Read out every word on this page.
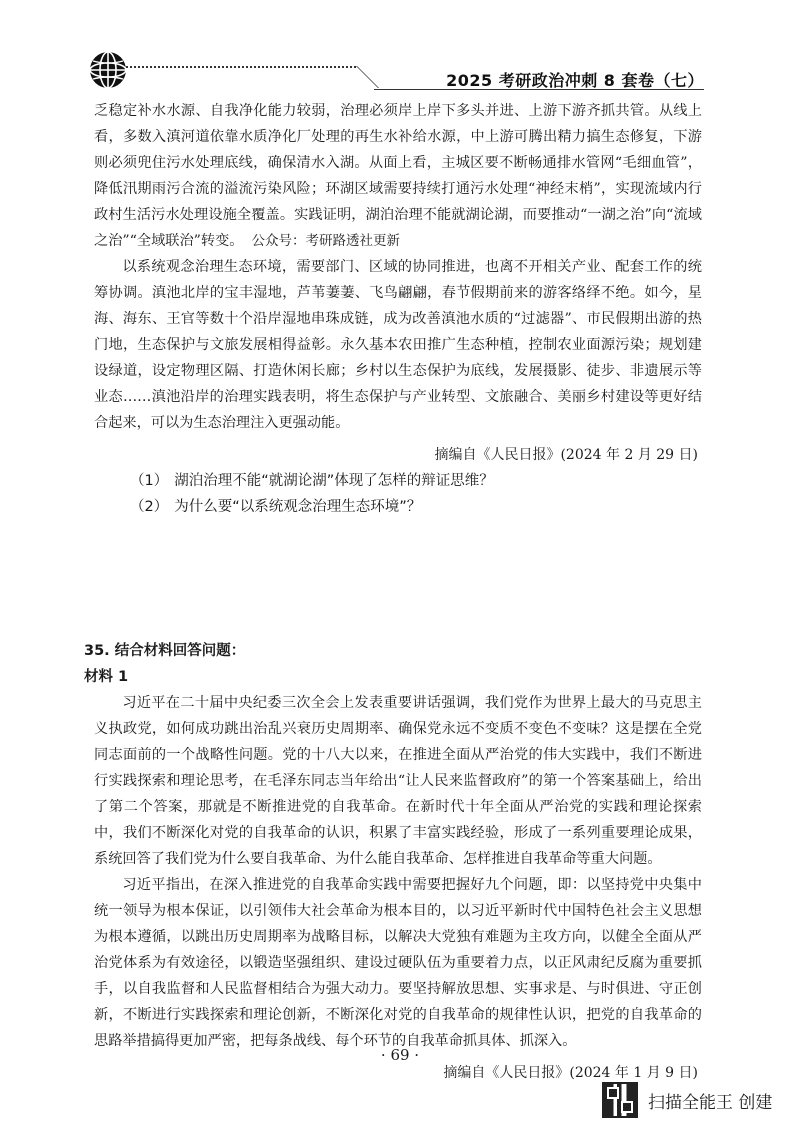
2025 考研政治冲刺 8 套卷（七）

乏稳定补水水源、自我净化能力较弱，治理必须岸上岸下多头并进、上游下游齐抓共管。从线上看，多数入滇河道依靠水质净化厂处理的再生水补给水源，中上游可腾出精力搞生态修复，下游则必须兜住污水处理底线，确保清水入湖。从面上看，主城区要不断畅通排水管网“毛细血管”，降低汛期雨污合流的溢流污染风险；环湖区域需要持续打通污水处理“神经末梢”，实现流域内行政村生活污水处理设施全覆盖。实践证明，湖泊治理不能就湖论湖，而要推动“一湖之治”向“流域之治”“全域联治”转变。 公众号：考研路透社更新

以系统观念治理生态环境，需要部门、区域的协同推进，也离不开相关产业、配套工作的统筹协调。滇池北岸的宝丰湿地，芦苇萋萋、飞鸟翩翩，春节假期前来的游客络绎不绝。如今，星海、海东、王官等数十个沿岸湿地串珠成链，成为改善滇池水质的“过滤器”、市民假期出游的热门地，生态保护与文旅发展相得益彰。永久基本农田推广生态种植，控制农业面源污染；规划建设绿道，设定物理区隔、打造休闲长廊；乡村以生态保护为底线，发展摄影、徒步、非遗展示等业态……滇池沿岸的治理实践表明，将生态保护与产业转型、文旅融合、美丽乡村建设等更好结合起来，可以为生态治理注入更强动能。

摘编自《人民日报》(2024 年 2 月 29 日)

（1） 湖泊治理不能“就湖论湖”体现了怎样的辩证思维？

（2） 为什么要“以系统观念治理生态环境”？

35. 结合材料回答问题：

材料 1

习近平在二十届中央纪委三次全会上发表重要讲话强调，我们党作为世界上最大的马克思主义执政党，如何成功跳出治乱兴衰历史周期率、确保党永远不变质不变色不变味？这是摆在全党同志面前的一个战略性问题。党的十八大以来，在推进全面从严治党的伟大实践中，我们不断进行实践探索和理论思考，在毛泽东同志当年给出“让人民来监督政府”的第一个答案基础上，给出了第二个答案，那就是不断推进党的自我革命。在新时代十年全面从严治党的实践和理论探索中，我们不断深化对党的自我革命的认识，积累了丰富实践经验，形成了一系列重要理论成果，系统回答了我们党为什么要自我革命、为什么能自我革命、怎样推进自我革命等重大问题。

习近平指出，在深入推进党的自我革命实践中需要把握好九个问题，即：以坚持党中央集中统一领导为根本保证，以引领伟大社会革命为根本目的，以习近平新时代中国特色社会主义思想为根本遵循，以跳出历史周期率为战略目标，以解决大党独有难题为主攻方向，以健全全面从严治党体系为有效途径，以锻造坚强组织、建设过硬队伍为重要着力点，以正风肃纪反腐为重要抓手，以自我监督和人民监督相结合为强大动力。要坚持解放思想、实事求是、与时俱进、守正创新，不断进行实践探索和理论创新，不断深化对党的自我革命的规律性认识，把党的自我革命的思路举措搞得更加严密，把每条战线、每个环节的自我革命抓具体、抓深入。

摘编自《人民日报》(2024 年 1 月 9 日)

· 69 ·
扫描全能王 创建
